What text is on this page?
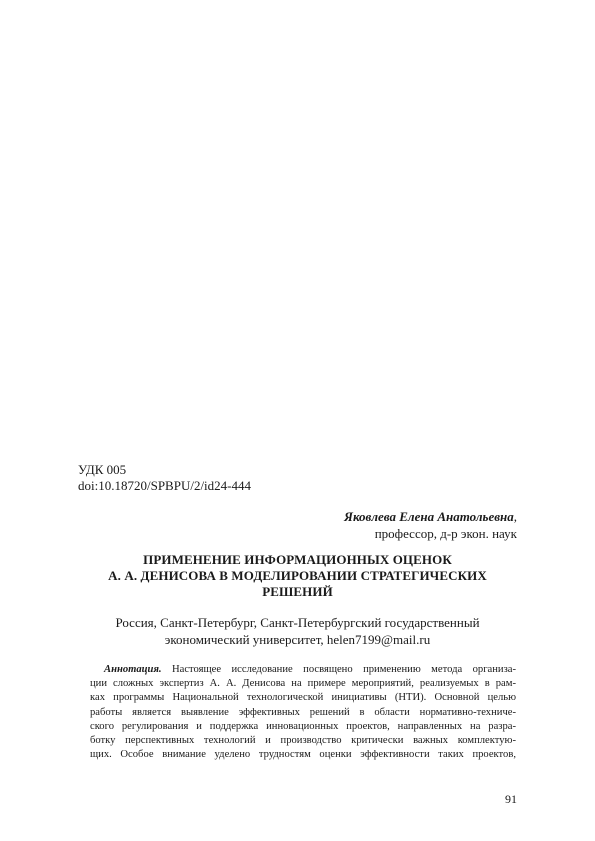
УДК 005
doi:10.18720/SPBPU/2/id24-444
Яковлева Елена Анатольевна,
профессор, д-р экон. наук
ПРИМЕНЕНИЕ ИНФОРМАЦИОННЫХ ОЦЕНОК
А. А. ДЕНИСОВА В МОДЕЛИРОВАНИИ СТРАТЕГИЧЕСКИХ
РЕШЕНИЙ
Россия, Санкт-Петербург, Санкт-Петербургский государственный
экономический университет, helen7199@mail.ru
Аннотация. Настоящее исследование посвящено применению метода организа-
ции сложных экспертиз А. А. Денисова на примере мероприятий, реализуемых в рам-
ках программы Национальной технологической инициативы (НТИ). Основной целью
работы является выявление эффективных решений в области нормативно-техниче-
ского регулирования и поддержка инновационных проектов, направленных на разра-
ботку перспективных технологий и производство критически важных комплектую-
щих. Особое внимание уделено трудностям оценки эффективности таких проектов,
91
